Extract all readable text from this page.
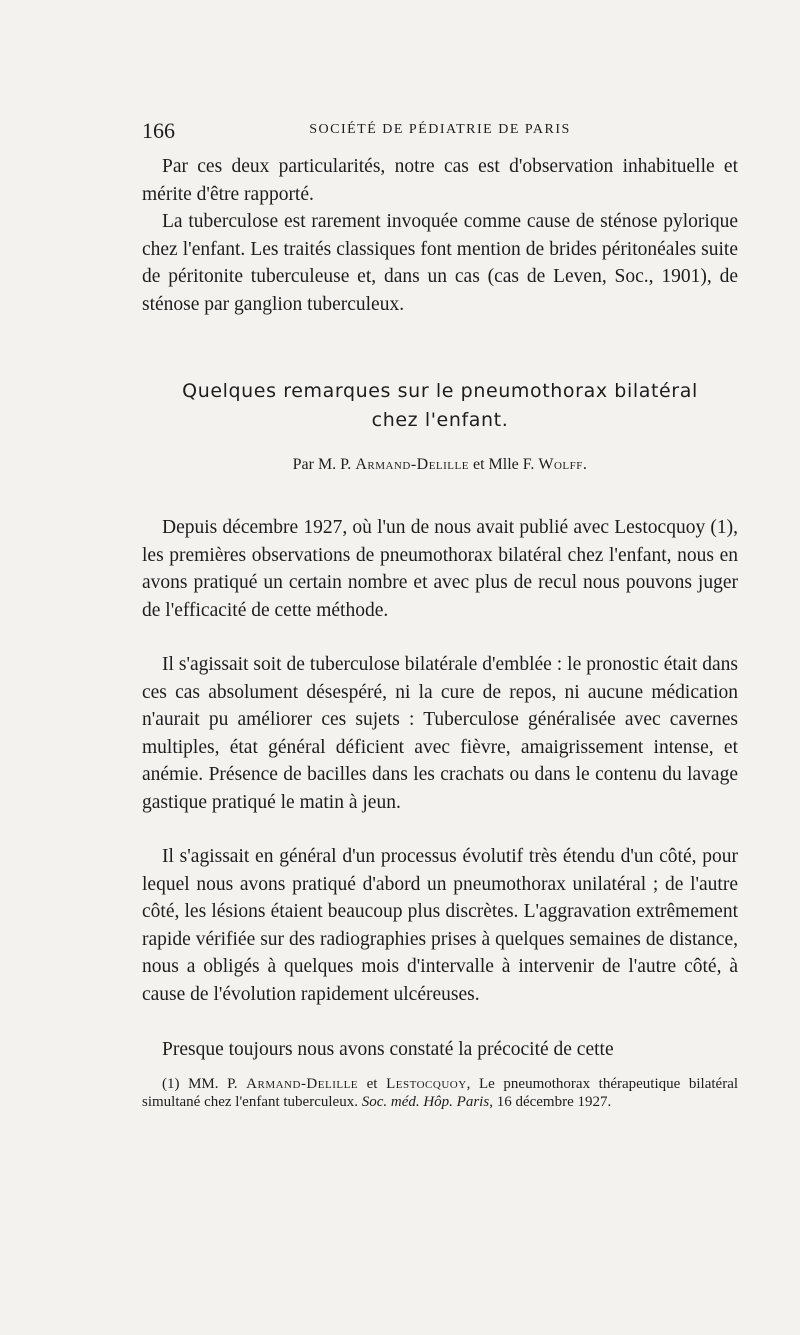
166	SOCIÉTÉ DE PÉDIATRIE DE PARIS

Par ces deux particularités, notre cas est d'observation inhabituelle et mérite d'être rapporté.

La tuberculose est rarement invoquée comme cause de sténose pylorique chez l'enfant. Les traités classiques font mention de brides péritonéales suite de péritonite tuberculeuse et, dans un cas (cas de Leven, Soc., 1901), de sténose par ganglion tuberculeux.

Quelques remarques sur le pneumothorax bilatéral
chez l'enfant.
Par M. P. Armand-Delille et Mlle F. Wolff.

Depuis décembre 1927, où l'un de nous avait publié avec Lestocquoy (1), les premières observations de pneumothorax bilatéral chez l'enfant, nous en avons pratiqué un certain nombre et avec plus de recul nous pouvons juger de l'efficacité de cette méthode.

Il s'agissait soit de tuberculose bilatérale d'emblée : le pronostic était dans ces cas absolument désespéré, ni la cure de repos, ni aucune médication n'aurait pu améliorer ces sujets : Tuberculose généralisée avec cavernes multiples, état général déficient avec fièvre, amaigrissement intense, et anémie. Présence de bacilles dans les crachats ou dans le contenu du lavage gastique pratiqué le matin à jeun.

Il s'agissait en général d'un processus évolutif très étendu d'un côté, pour lequel nous avons pratiqué d'abord un pneumothorax unilatéral ; de l'autre côté, les lésions étaient beaucoup plus discrètes. L'aggravation extrêmement rapide vérifiée sur des radiographies prises à quelques semaines de distance, nous a obligés à quelques mois d'intervalle à intervenir de l'autre côté, à cause de l'évolution rapidement ulcéreuses.

Presque toujours nous avons constaté la précocité de cette

(1) MM. P. Armand-Delille et Lestocquoy, Le pneumothorax thérapeutique bilatéral simultané chez l'enfant tuberculeux. Soc. méd. Hôp. Paris, 16 décembre 1927.
